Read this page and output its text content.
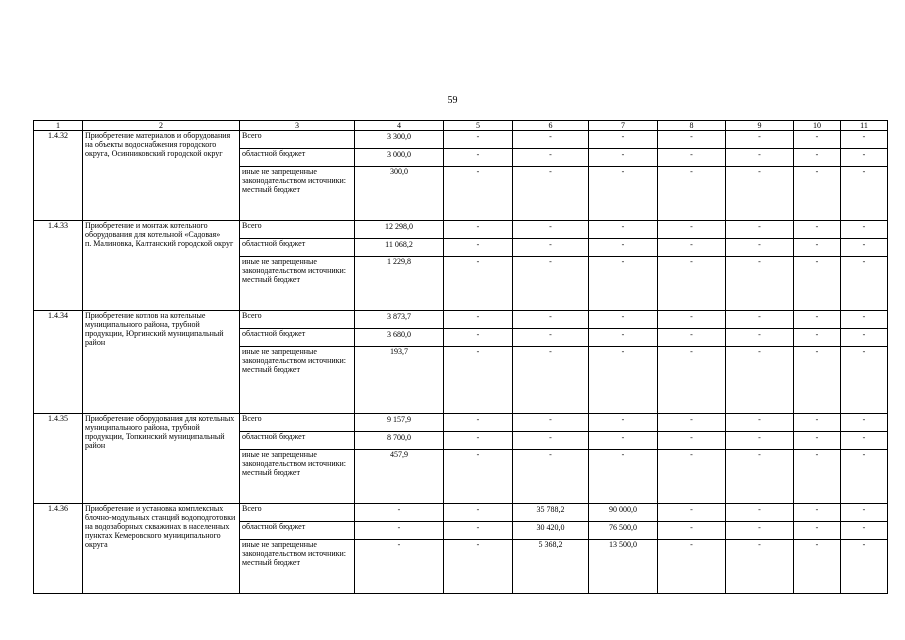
59
1	2	3	4	5	6	7	8	9	10	11
1.4.32	Приобретение материалов и оборудования на объекты водоснабжения городского округа, Осинниковский городской округ	Всего	3 300,0	-	-	-	-	-	-	-
		областной бюджет	3 000,0	-	-	-	-	-	-	-
		иные не запрещенные законодательством источники:
местный бюджет	300,0	-	-	-	-	-	-	-
1.4.33	Приобретение и монтаж котельного оборудования для котельной «Садовая»
п. Малиновка, Калтанский городской округ	Всего	12 298,0	-	-	-	-	-	-	-
		областной бюджет	11 068,2	-	-	-	-	-	-	-
		иные не запрещенные законодательством источники:
местный бюджет	1 229,8	-	-	-	-	-	-	-
1.4.34	Приобретение котлов на котельные муниципального района, трубной продукции, Юргинский муниципальный район	Всего	3 873,7	-	-	-	-	-	-	-
		областной бюджет	3 680,0	-	-	-	-	-	-	-
		иные не запрещенные законодательством источники:
местный бюджет	193,7	-	-	-	-	-	-	-
1.4.35	Приобретение оборудования для котельных муниципального района, трубной продукции, Топкинский муниципальный район	Всего	9 157,9	-	-	-	-	-	-	-
		областной бюджет	8 700,0	-	-	-	-	-	-	-
		иные не запрещенные законодательством источники:
местный бюджет	457,9	-	-	-	-	-	-	-
1.4.36	Приобретение и установка комплексных блочно-модульных станций водоподготовки на водозаборных скважинах в населенных пунктах Кемеровского муниципального округа	Всего	-	-	35 788,2	90 000,0	-	-	-	-
		областной бюджет	-	-	30 420,0	76 500,0	-	-	-	-
		иные не запрещенные законодательством источники:
местный бюджет	-	-	5 368,2	13 500,0	-	-	-	-
